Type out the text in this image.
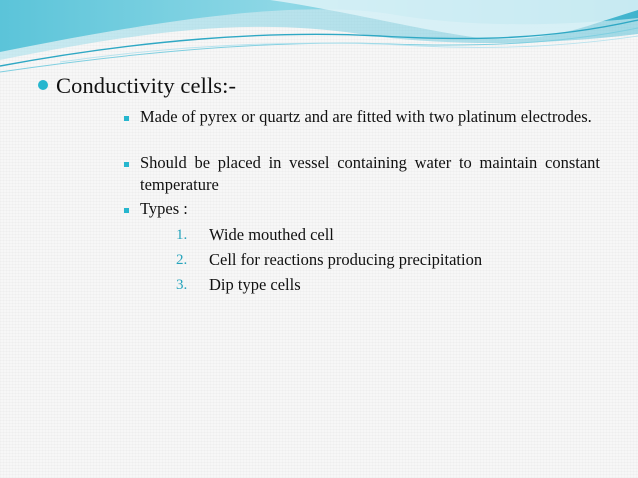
Conductivity cells:-
Made of pyrex or quartz and are fitted with two platinum electrodes.
Should be placed in vessel containing water to maintain constant temperature
Types :
1.	Wide mouthed cell
2.	Cell for reactions producing precipitation
3.	Dip type cells
